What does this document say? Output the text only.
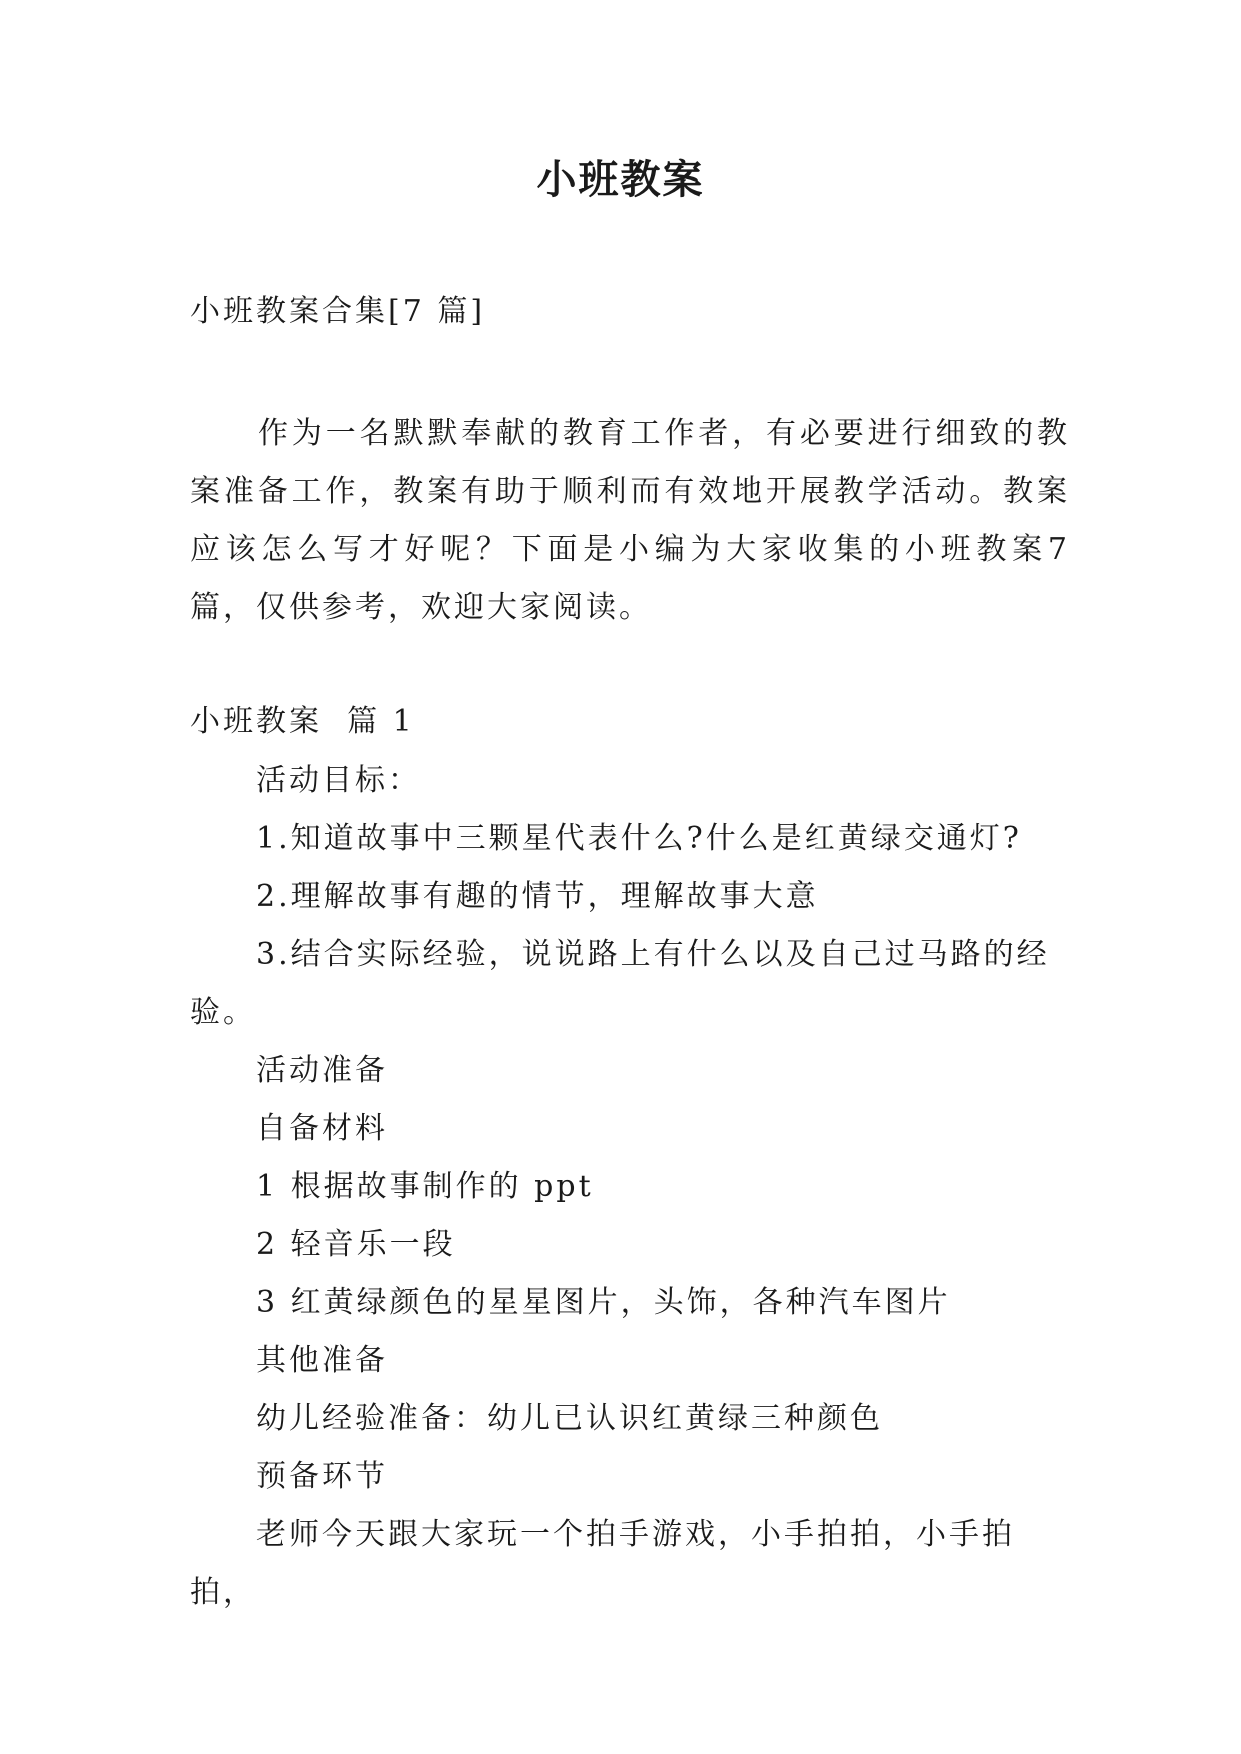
小班教案
小班教案合集[7 篇]
作为一名默默奉献的教育工作者，有必要进行细致的教案准备工作，教案有助于顺利而有效地开展教学活动。教案应该怎么写才好呢？下面是小编为大家收集的小班教案7篇，仅供参考，欢迎大家阅读。
小班教案  篇 1
活动目标：
1.知道故事中三颗星代表什么?什么是红黄绿交通灯?
2.理解故事有趣的情节，理解故事大意
3.结合实际经验，说说路上有什么以及自己过马路的经验。
活动准备
自备材料
1 根据故事制作的 ppt
2 轻音乐一段
3 红黄绿颜色的星星图片，头饰，各种汽车图片
其他准备
幼儿经验准备：幼儿已认识红黄绿三种颜色
预备环节
老师今天跟大家玩一个拍手游戏，小手拍拍，小手拍拍，
